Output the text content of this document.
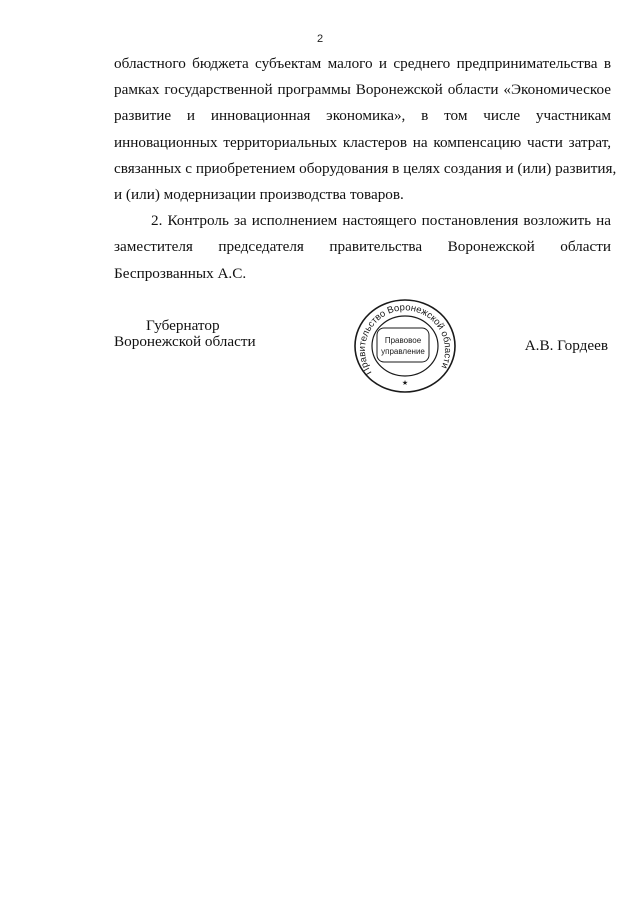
2
областного бюджета субъектам малого и среднего предпринимательства в
рамках государственной программы Воронежской области «Экономическое
развитие и инновационная экономика», в том числе участникам
инновационных территориальных кластеров на компенсацию части затрат,
связанных с приобретением оборудования в целях создания и (или) развития,
и (или) модернизации производства товаров.
2. Контроль за исполнением настоящего постановления возложить на
заместителя председателя правительства Воронежской области
Беспрозванных А.С.
Губернатор
Воронежской области	А.В. Гордеев
Правительство Воронежской области
Правовое
управление
★
